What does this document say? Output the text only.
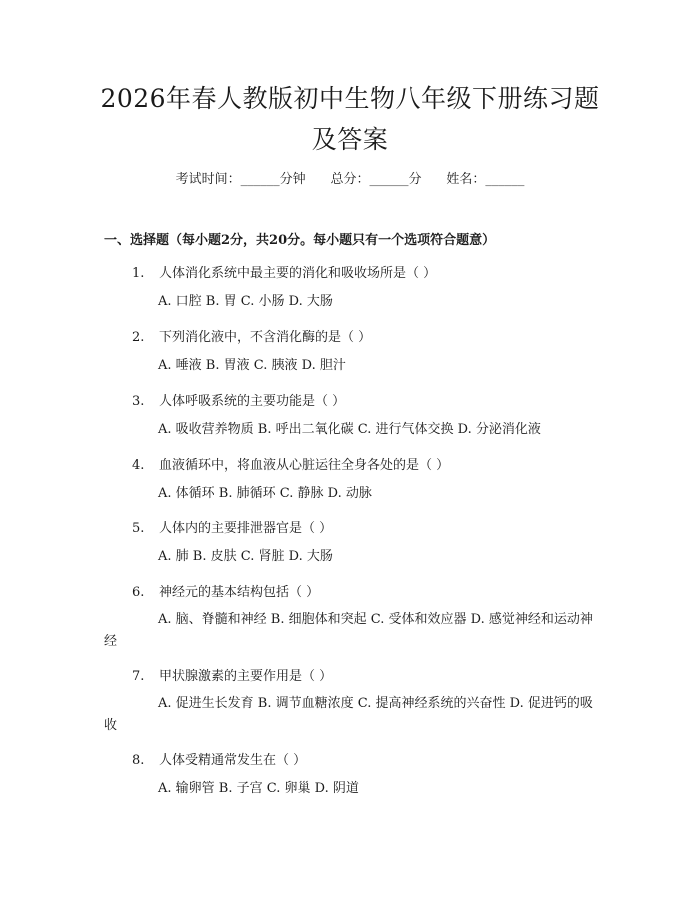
2026年春人教版初中生物八年级下册练习题
及答案
考试时间：______分钟 总分：______分 姓名：______
一、选择题（每小题2分，共20分。每小题只有一个选项符合题意）
1. 人体消化系统中最主要的消化和吸收场所是（ ）
A. 口腔 B. 胃 C. 小肠 D. 大肠
2. 下列消化液中，不含消化酶的是（ ）
A. 唾液 B. 胃液 C. 胰液 D. 胆汁
3. 人体呼吸系统的主要功能是（ ）
A. 吸收营养物质 B. 呼出二氧化碳 C. 进行气体交换 D. 分泌消化液
4. 血液循环中，将血液从心脏运往全身各处的是（ ）
A. 体循环 B. 肺循环 C. 静脉 D. 动脉
5. 人体内的主要排泄器官是（ ）
A. 肺 B. 皮肤 C. 肾脏 D. 大肠
6. 神经元的基本结构包括（ ）
A. 脑、脊髓和神经 B. 细胞体和突起 C. 受体和效应器 D. 感觉神经和运动神经
7. 甲状腺激素的主要作用是（ ）
A. 促进生长发育 B. 调节血糖浓度 C. 提高神经系统的兴奋性 D. 促进钙的吸收
8. 人体受精通常发生在（ ）
A. 输卵管 B. 子宫 C. 卵巢 D. 阴道
